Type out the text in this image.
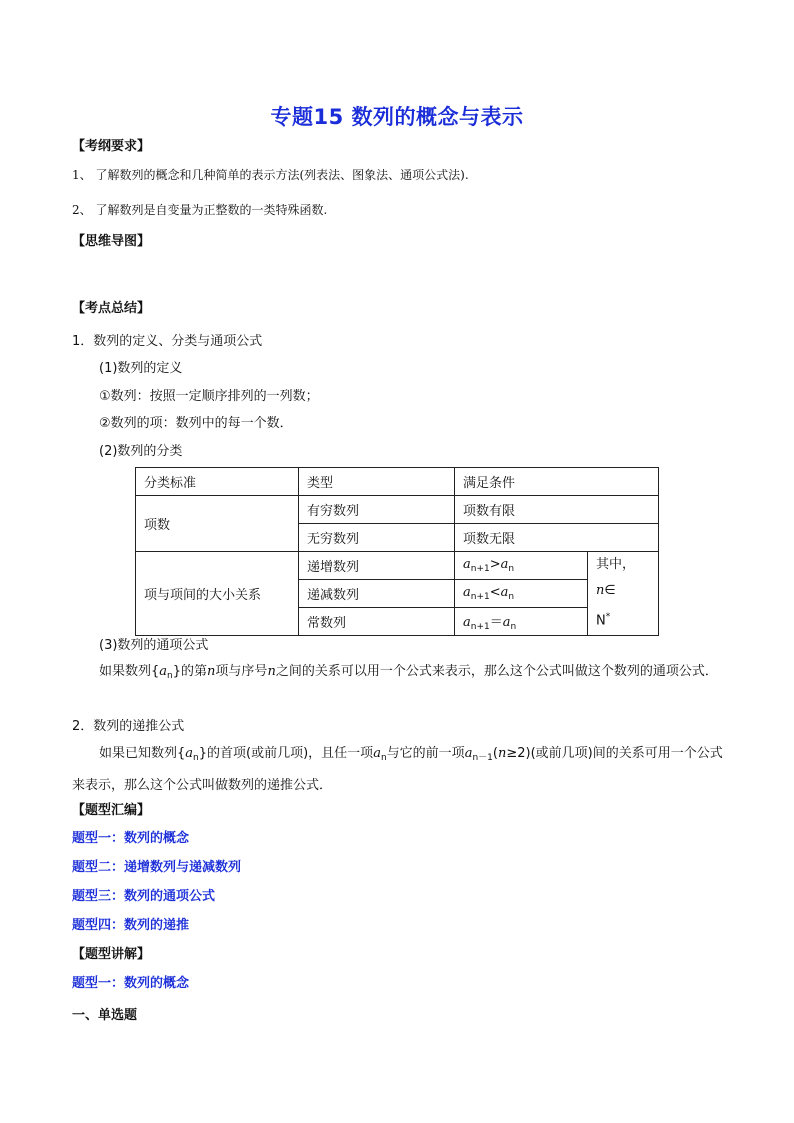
专题15 数列的概念与表示
【考纲要求】
1、 了解数列的概念和几种简单的表示方法(列表法、图象法、通项公式法).
2、 了解数列是自变量为正整数的一类特殊函数.
【思维导图】
【考点总结】
1．数列的定义、分类与通项公式
(1)数列的定义
①数列：按照一定顺序排列的一列数；
②数列的项：数列中的每一个数．
(2)数列的分类
分类标准	类型	满足条件	
项数	有穷数列	项数有限	
	无穷数列	项数无限	
项与项间的大小关系	递增数列	$a_{n+1}>a_n$	其中，n∈
N*
	递减数列	$a_{n+1}<a_n$
	常数列	$a_{n+1}=a_n$
(3)数列的通项公式
如果数列$\{a_n\}$的第n项与序号n之间的关系可以用一个公式来表示，那么这个公式叫做这个数列的通项公式．
2．数列的递推公式
如果已知数列$\{a_n\}$的首项(或前几项)，且任一项$a_n$与它的前一项$a_{n-1}(n\ge 2)$(或前几项)间的关系可用一个公式来表示，那么这个公式叫做数列的递推公式．
【题型汇编】
题型一：数列的概念
题型二：递增数列与递减数列
题型三：数列的通项公式
题型四：数列的递推
【题型讲解】
题型一：数列的概念
一、单选题
